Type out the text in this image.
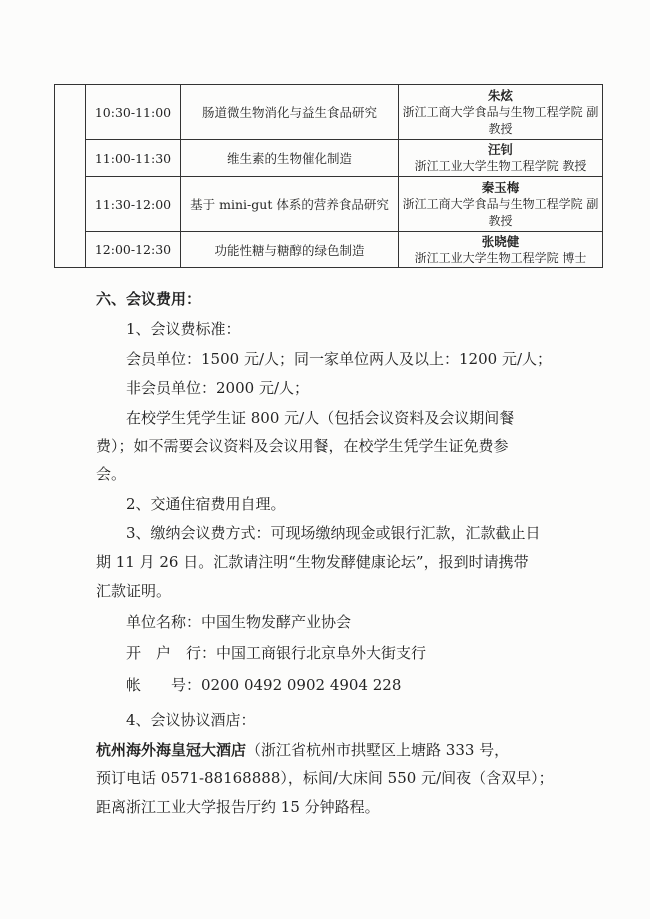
	10:30-11:00	肠道微生物消化与益生食品研究	朱炫
浙江工商大学食品与生物工程学院 副教授

	11:00-11:30	维生素的生物催化制造	汪钊
浙江工业大学生物工程学院 教授

	11:30-12:00	基于 mini-gut 体系的营养食品研究	秦玉梅
浙江工商大学食品与生物工程学院 副教授

	12:00-12:30	功能性糖与糖醇的绿色制造	张晓健
浙江工业大学生物工程学院 博士
六、会议费用：
1、会议费标准：
会员单位：1500 元/人；同一家单位两人及以上：1200 元/人；
非会员单位：2000 元/人；
在校学生凭学生证 800 元/人（包括会议资料及会议期间餐
费）；如不需要会议资料及会议用餐，在校学生凭学生证免费参
会。
2、交通住宿费用自理。
3、缴纳会议费方式：可现场缴纳现金或银行汇款，汇款截止日
期 11 月 26 日。汇款请注明“生物发酵健康论坛”，报到时请携带
汇款证明。
单位名称：中国生物发酵产业协会
开　户　行：中国工商银行北京阜外大街支行
帐　　号：0200 0492 0902 4904 228
4、会议协议酒店：
杭州海外海皇冠大酒店（浙江省杭州市拱墅区上塘路 333 号，
预订电话 0571-88168888），标间/大床间 550 元/间夜（含双早）；
距离浙江工业大学报告厅约 15 分钟路程。
